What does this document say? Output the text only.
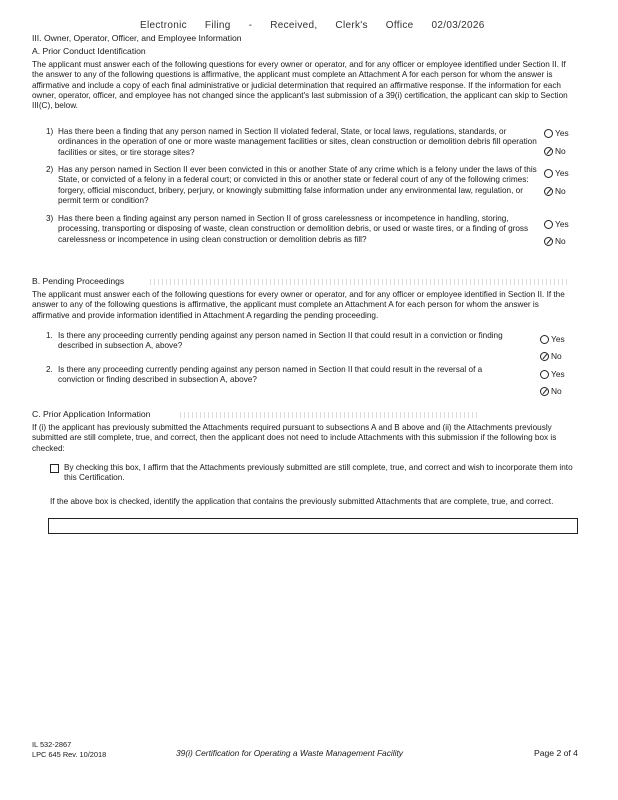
Electronic Filing - Received, Clerk's Office 02/03/2026
III. Owner, Operator, Officer, and Employee Information
A. Prior Conduct Identification
The applicant must answer each of the following questions for every owner or operator, and for any officer or employee identified under Section II. If the answer to any of the following questions is affirmative, the applicant must complete an Attachment A for each person for whom the answer is affirmative and include a copy of each final administrative or judicial determination that required an affirmative response. If the information for each owner, operator, officer, and employee has not changed since the applicant's last submission of a 39(i) certification, the applicant can skip to Section III(C), below.
1) Has there been a finding that any person named in Section II violated federal, State, or local laws, regulations, standards, or ordinances in the operation of one or more waste management facilities or sites, clean construction or demolition debris fill operation facilities or sites, or tire storage sites?
Yes
No
2) Has any person named in Section II ever been convicted in this or another State of any crime which is a felony under the laws of this State, or convicted of a felony in a federal court; or convicted in this or another state or federal court of any of the following crimes: forgery, official misconduct, bribery, perjury, or knowingly submitting false information under any environmental law, regulation, or permit term or condition?
Yes
No
3) Has there been a finding against any person named in Section II of gross carelessness or incompetence in handling, storing, processing, transporting or disposing of waste, clean construction or demolition debris, or used or waste tires, or a finding of gross carelessness or incompetence in using clean construction or demolition debris as fill?
Yes
No
B. Pending Proceedings
The applicant must answer each of the following questions for every owner or operator, and for any officer or employee identified in Section II. If the answer to any of the following questions is affirmative, the applicant must complete an Attachment A for each person for whom the answer is affirmative and provide information identified in Attachment A regarding the pending proceeding.
1. Is there any proceeding currently pending against any person named in Section II that could result in a conviction or finding described in subsection A, above?
Yes
No
2. Is there any proceeding currently pending against any person named in Section II that could result in the reversal of a conviction or finding described in subsection A, above?
Yes
No
C. Prior Application Information
If (i) the applicant has previously submitted the Attachments required pursuant to subsections A and B above and (ii) the Attachments previously submitted are still complete, true, and correct, then the applicant does not need to include Attachments with this submission if the following box is checked:
By checking this box, I affirm that the Attachments previously submitted are still complete, true, and correct and wish to incorporate them into this Certification.
If the above box is checked, identify the application that contains the previously submitted Attachments that are complete, true, and correct.
IL 532-2867
LPC 645 Rev. 10/2018	39(i) Certification for Operating a Waste Management Facility	Page 2 of 4
